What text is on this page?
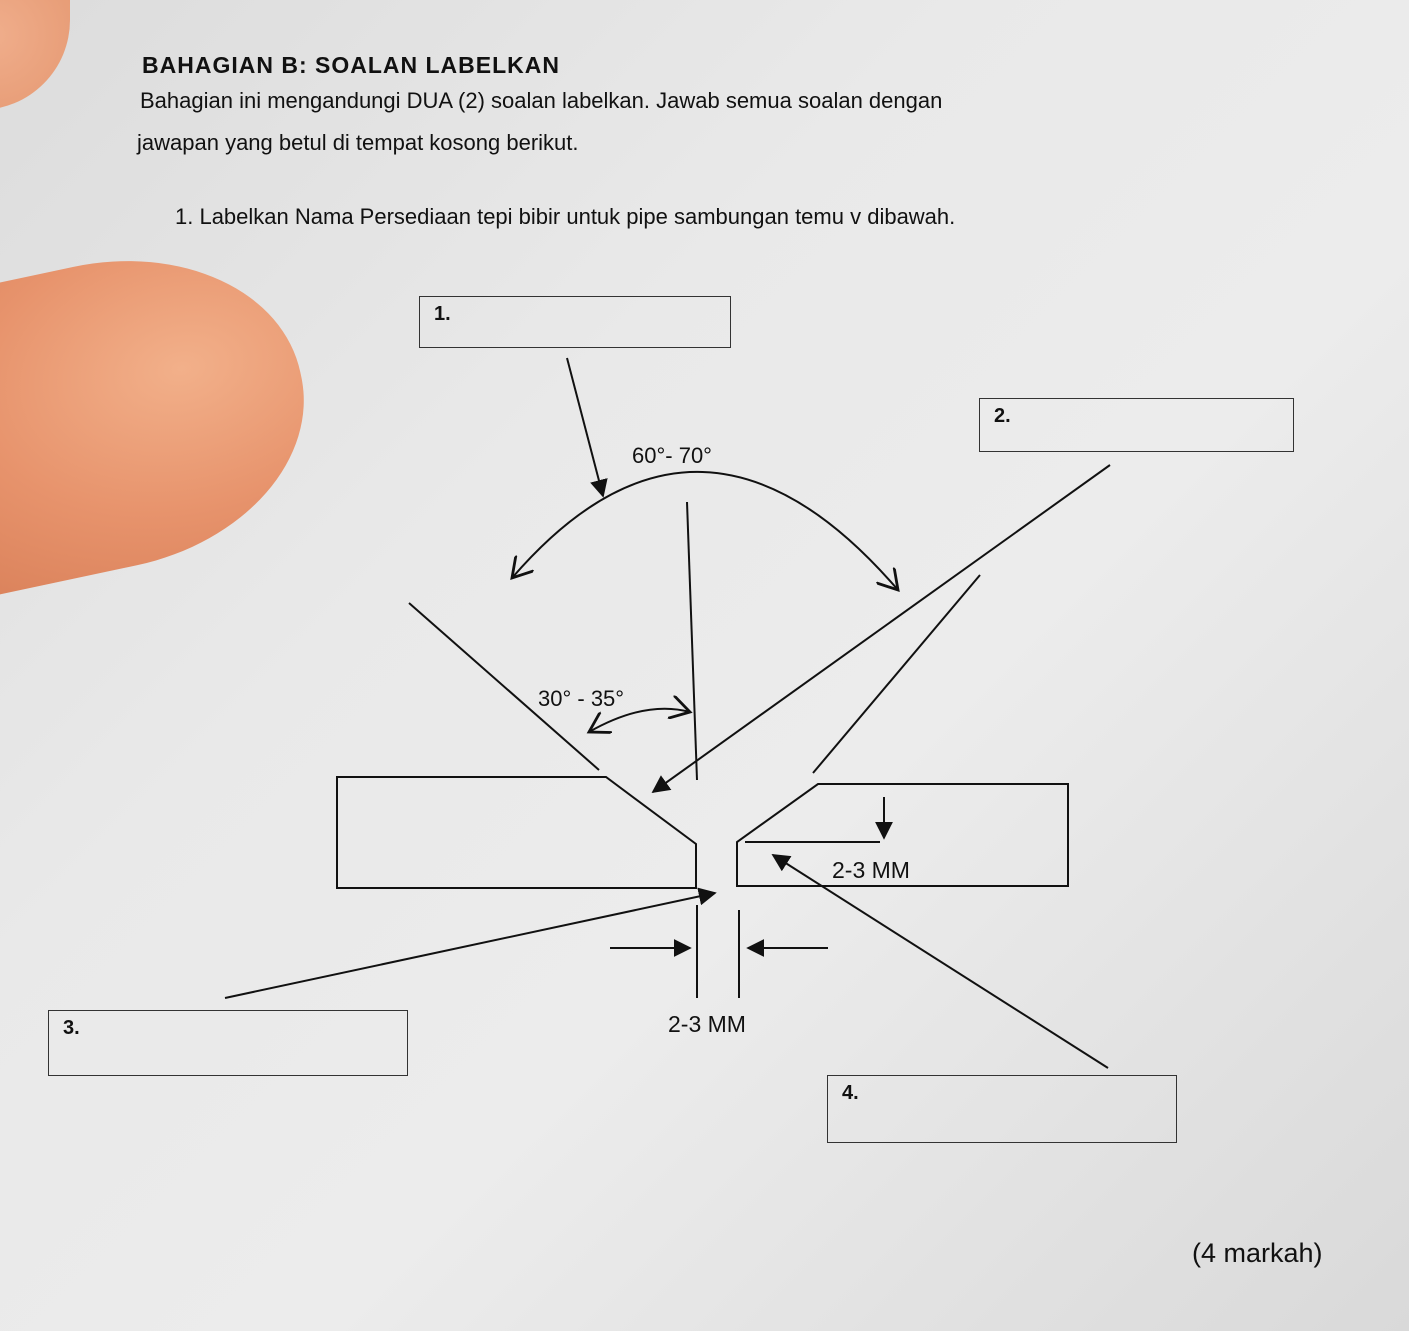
BAHAGIAN B: SOALAN LABELKAN
Bahagian ini mengandungi DUA (2) soalan labelkan. Jawab semua soalan dengan
jawapan yang betul di tempat kosong berikut.
1. Labelkan Nama Persediaan tepi bibir untuk pipe sambungan temu v dibawah.
60°- 70°
30° - 35°
2-3 MM
2-3 MM
1.
2.
3.
4.
(4 markah)
